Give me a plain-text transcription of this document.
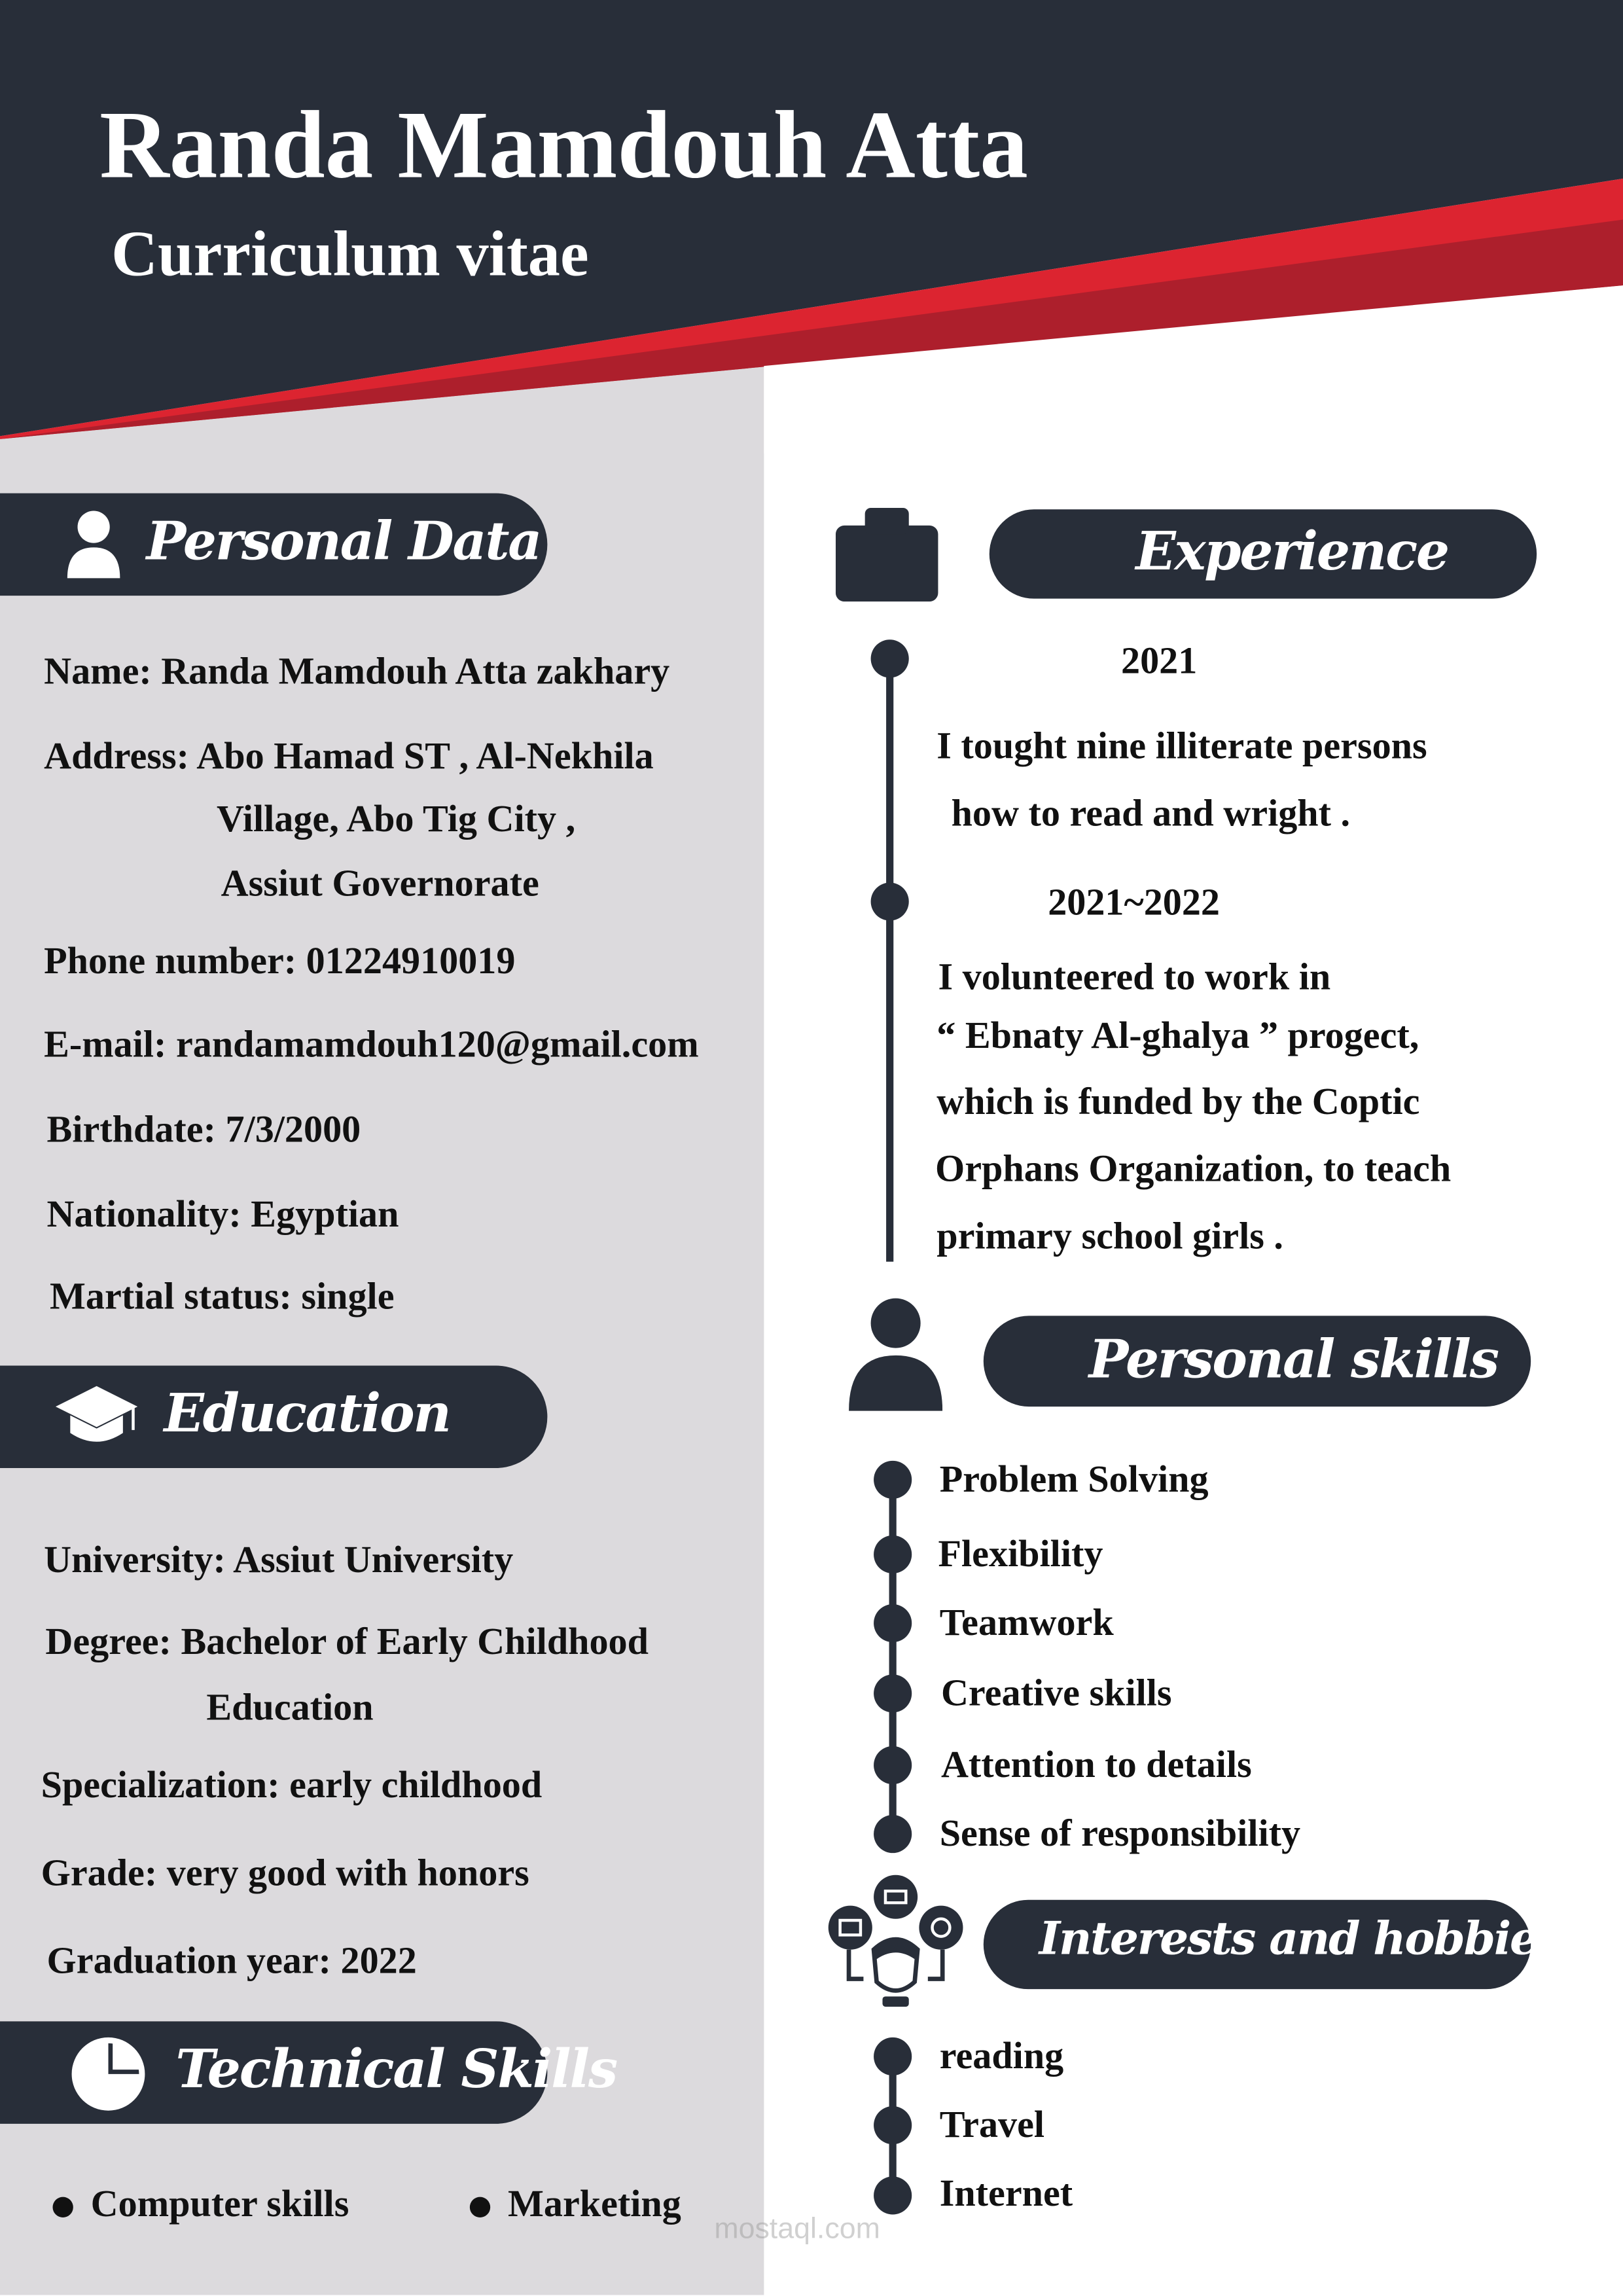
Randa Mamdouh Atta
Curriculum vitae
Personal Data
Name: Randa Mamdouh Atta zakhary
Address: Abo Hamad ST , Al-Nekhila
Village, Abo Tig City ,
Assiut Governorate
Phone number: 01224910019
E-mail: randamamdouh120@gmail.com
Birthdate: 7/3/2000
Nationality: Egyptian
Martial status: single
Education
University: Assiut University
Degree: Bachelor of Early Childhood
Education
Specialization: early childhood
Grade: very good with honors
Graduation year: 2022
Technical Skills
Computer skills	Marketing
Experience
2021
I tought nine illiterate persons
how to read and wright .
2021~2022
I volunteered to work in
“ Ebnaty Al-ghalya ” progect,
which is funded by the Coptic
Orphans Organization, to teach
primary school girls .
Personal skills
Problem Solving
Flexibility
Teamwork
Creative skills
Attention to details
Sense of responsibility
Interests and hobbies
reading
Travel
Internet
mostaql.com
